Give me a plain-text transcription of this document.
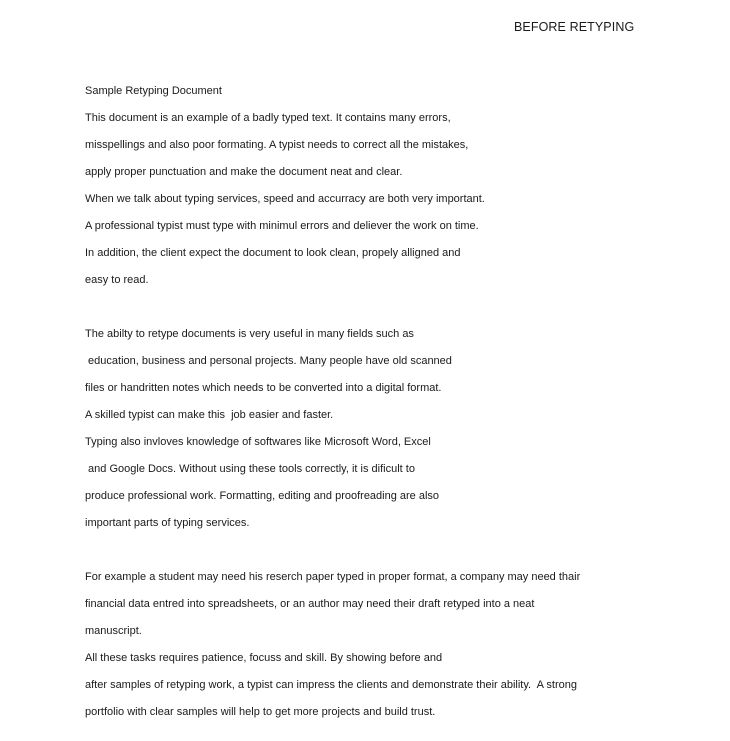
BEFORE RETYPING
Sample Retyping Document
This document is an example of a badly typed text. It contains many errors,
misspellings and also poor formating. A typist needs to correct all the mistakes,
apply proper punctuation and make the document neat and clear.
When we talk about typing services, speed and accurracy are both very important.
A professional typist must type with minimul errors and deliever the work on time.
In addition, the client expect the document to look clean, propely alligned and
easy to read.
The abilty to retype documents is very useful in many fields such as
education, business and personal projects. Many people have old scanned
files or handritten notes which needs to be converted into a digital format.
A skilled typist can make this  job easier and faster.
Typing also invloves knowledge of softwares like Microsoft Word, Excel
and Google Docs. Without using these tools correctly, it is dificult to
produce professional work. Formatting, editing and proofreading are also
important parts of typing services.
For example a student may need his reserch paper typed in proper format, a company may need thair
financial data entred into spreadsheets, or an author may need their draft retyped into a neat
manuscript.
All these tasks requires patience, focuss and skill. By showing before and
after samples of retyping work, a typist can impress the clients and demonstrate their ability.  A strong
portfolio with clear samples will help to get more projects and build trust.
